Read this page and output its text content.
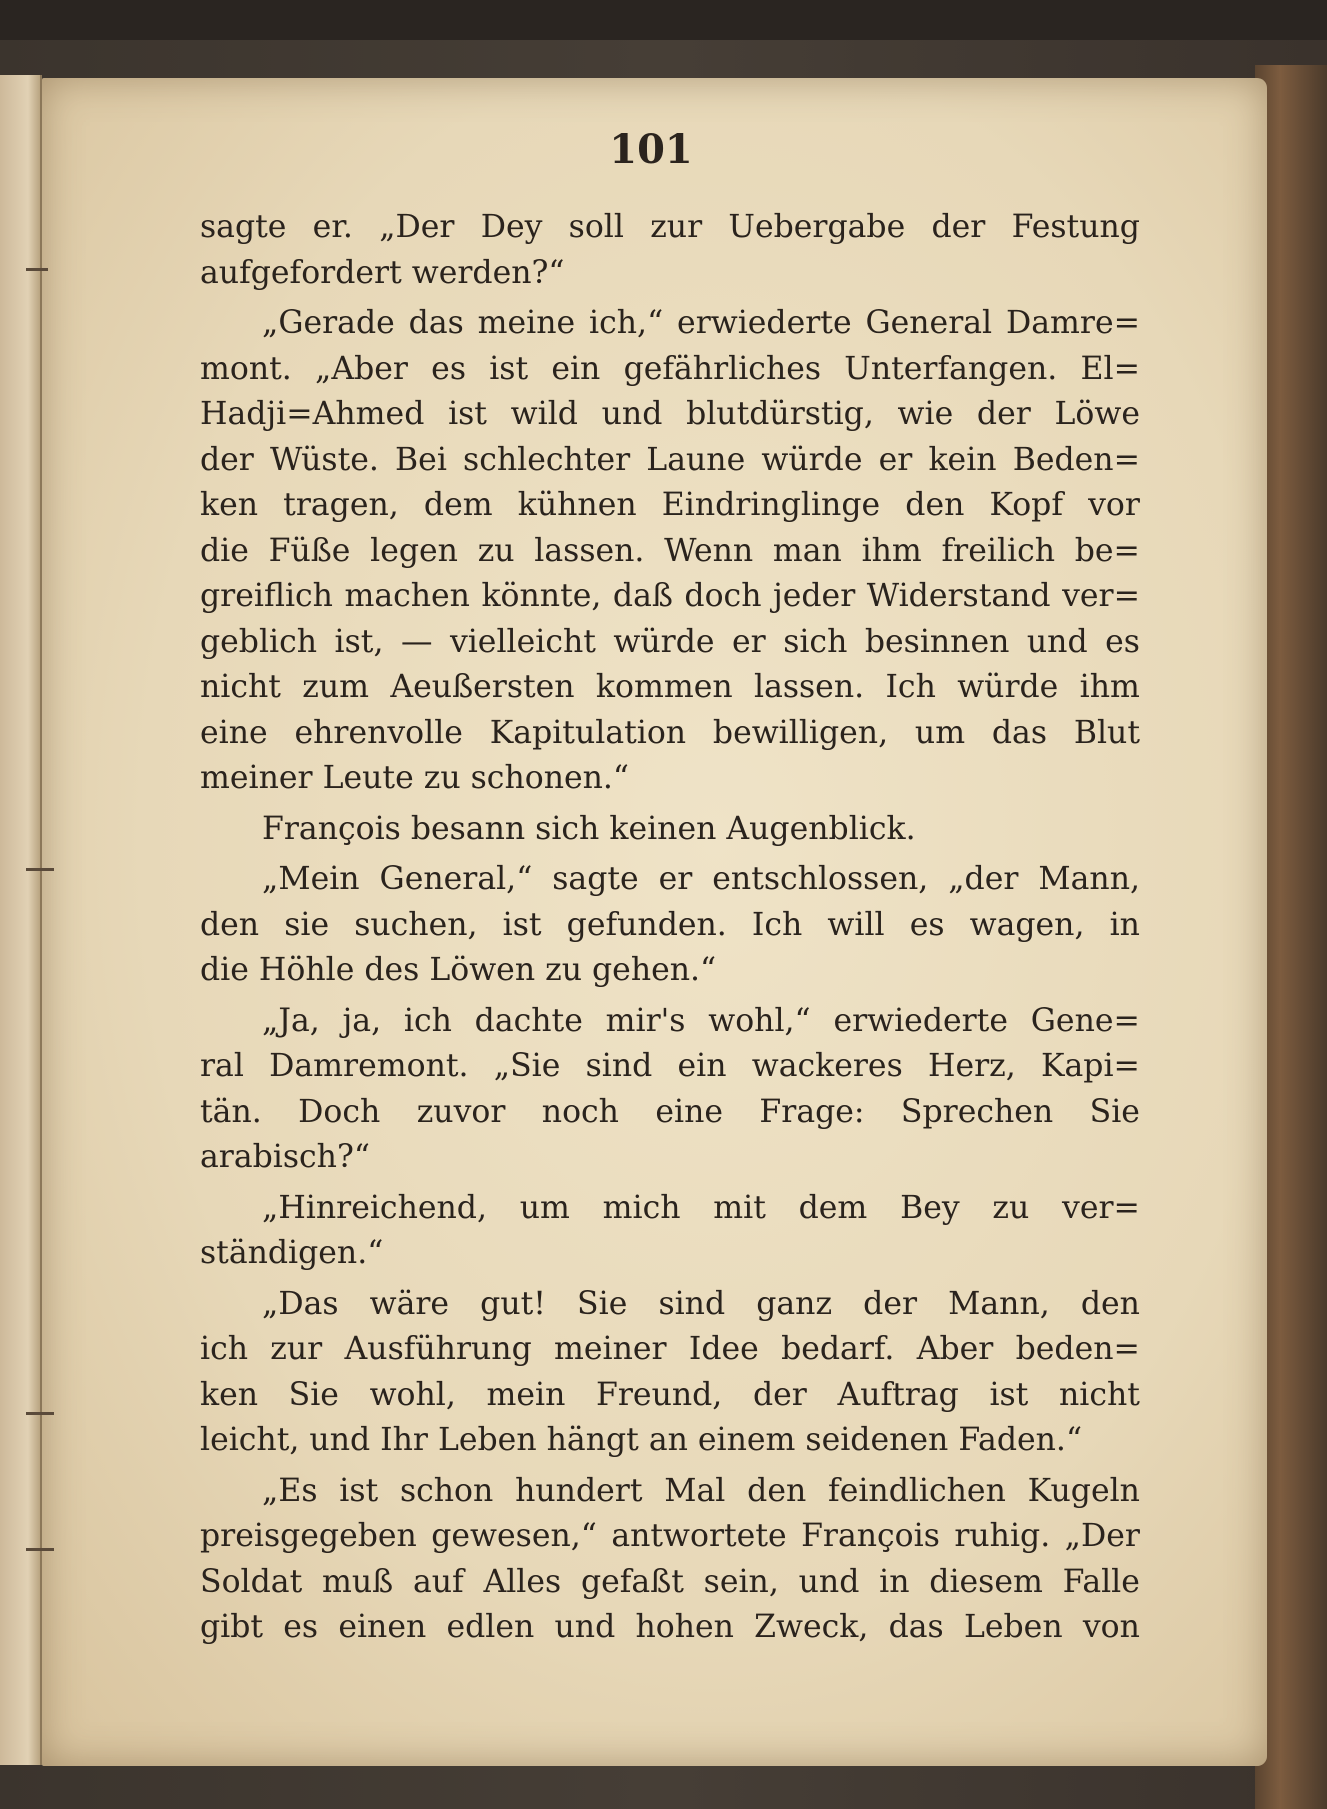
101
sagte er. „Der Dey soll zur Uebergabe der Festung
aufgefordert werden?“
„Gerade das meine ich,“ erwiederte General Damre=
mont. „Aber es ist ein gefährliches Unterfangen. El=
Hadji=Ahmed ist wild und blutdürstig, wie der Löwe
der Wüste. Bei schlechter Laune würde er kein Beden=
ken tragen, dem kühnen Eindringlinge den Kopf vor
die Füße legen zu lassen. Wenn man ihm freilich be=
greiflich machen könnte, daß doch jeder Widerstand ver=
geblich ist, — vielleicht würde er sich besinnen und es
nicht zum Aeußersten kommen lassen. Ich würde ihm
eine ehrenvolle Kapitulation bewilligen, um das Blut
meiner Leute zu schonen.“
François besann sich keinen Augenblick.
„Mein General,“ sagte er entschlossen, „der Mann,
den sie suchen, ist gefunden. Ich will es wagen, in
die Höhle des Löwen zu gehen.“
„Ja, ja, ich dachte mir's wohl,“ erwiederte Gene=
ral Damremont. „Sie sind ein wackeres Herz, Kapi=
tän. Doch zuvor noch eine Frage: Sprechen Sie
arabisch?“
„Hinreichend, um mich mit dem Bey zu ver=
ständigen.“
„Das wäre gut! Sie sind ganz der Mann, den
ich zur Ausführung meiner Idee bedarf. Aber beden=
ken Sie wohl, mein Freund, der Auftrag ist nicht
leicht, und Ihr Leben hängt an einem seidenen Faden.“
„Es ist schon hundert Mal den feindlichen Kugeln
preisgegeben gewesen,“ antwortete François ruhig. „Der
Soldat muß auf Alles gefaßt sein, und in diesem Falle
gibt es einen edlen und hohen Zweck, das Leben von
